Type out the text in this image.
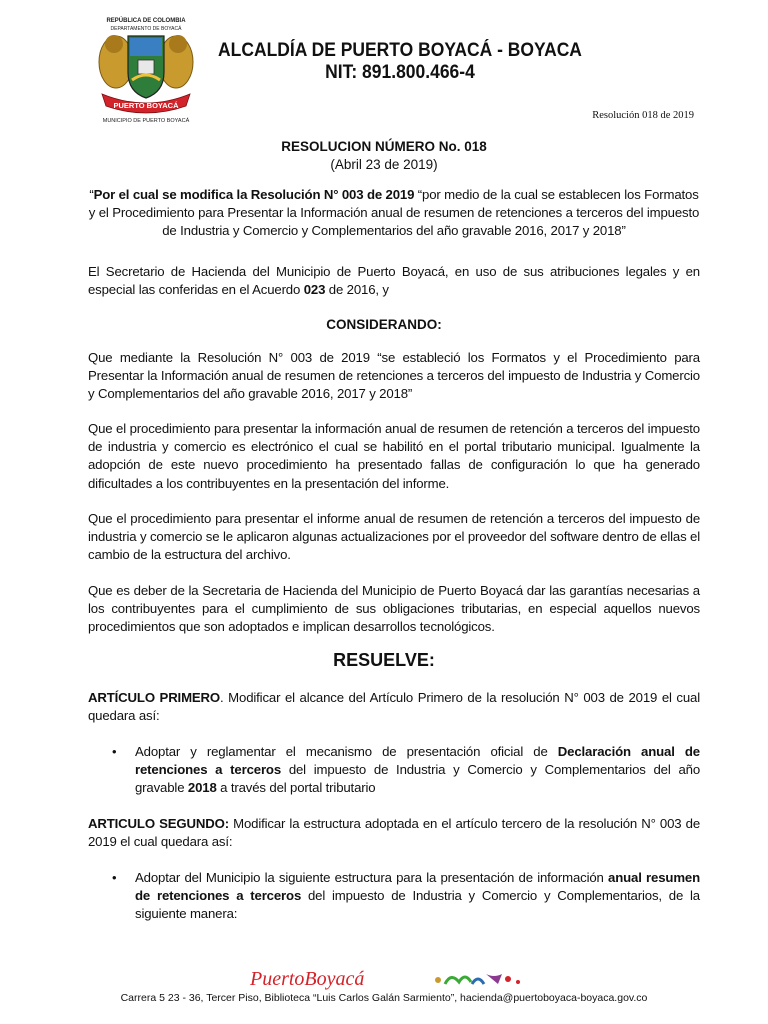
REPÚBLICA DE COLOMBIA
DEPARTAMENTO DE BOYACÁ
PUERTO BOYACÁ
MUNICIPIO DE PUERTO BOYACÁ
ALCALDÍA DE PUERTO BOYACÁ - BOYACA
NIT: 891.800.466-4
Resolución 018 de 2019
RESOLUCION NÚMERO No. 018
(Abril 23 de 2019)

“Por el cual se modifica la Resolución N° 003 de 2019 “por medio de la cual se establecen los Formatos y el Procedimiento para Presentar la Información anual de resumen de retenciones a terceros del impuesto de Industria y Comercio y Complementarios del año gravable 2016, 2017 y 2018”

El Secretario de Hacienda del Municipio de Puerto Boyacá, en uso de sus atribuciones legales y en especial las conferidas en el Acuerdo 023 de 2016, y

CONSIDERANDO:

Que mediante la Resolución N° 003 de 2019 “se estableció los Formatos y el Procedimiento para Presentar la Información anual de resumen de retenciones a terceros del impuesto de Industria y Comercio y Complementarios del año gravable 2016, 2017 y 2018”

Que el procedimiento para presentar la información anual de resumen de retención a terceros del impuesto de industria y comercio es electrónico el cual se habilitó en el portal tributario municipal. Igualmente la adopción de este nuevo procedimiento ha presentado fallas de configuración lo que ha generado dificultades a los contribuyentes en la presentación del informe.

Que el procedimiento para presentar el informe anual de resumen de retención a terceros del impuesto de industria y comercio se le aplicaron algunas actualizaciones por el proveedor del software dentro de ellas el cambio de la estructura del archivo.

Que es deber de la Secretaria de Hacienda del Municipio de Puerto Boyacá dar las garantías necesarias a los contribuyentes para el cumplimiento de sus obligaciones tributarias, en especial aquellos nuevos procedimientos que son adoptados e implican desarrollos tecnológicos.

RESUELVE:

ARTÍCULO PRIMERO. Modificar el alcance del Artículo Primero de la resolución N° 003 de 2019 el cual quedara así:

• Adoptar y reglamentar el mecanismo de presentación oficial de Declaración anual de retenciones a terceros del impuesto de Industria y Comercio y Complementarios del año gravable 2018 a través del portal tributario

ARTICULO SEGUNDO: Modificar la estructura adoptada en el artículo tercero de la resolución N° 003 de 2019 el cual quedara así:

• Adoptar del Municipio la siguiente estructura para la presentación de información anual resumen de retenciones a terceros del impuesto de Industria y Comercio y Complementarios, de la siguiente manera:

PuertoBoyacá
Carrera 5 23 - 36, Tercer Piso, Biblioteca “Luis Carlos Galán Sarmiento”, hacienda@puertoboyaca-boyaca.gov.co
